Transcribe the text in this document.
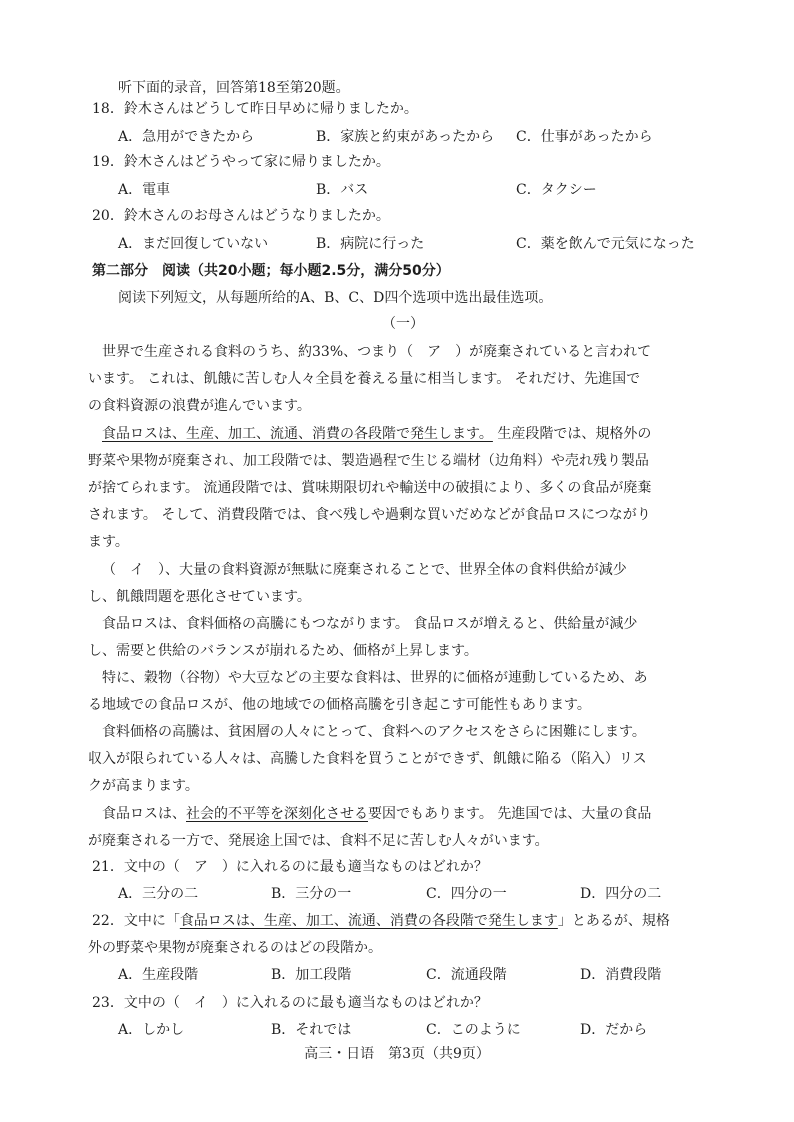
听下面的录音，回答第18至第20题。
18．鈴木さんはどうして昨日早めに帰りましたか。
A．急用ができたから	B．家族と約束があったから C．仕事があったから
19．鈴木さんはどうやって家に帰りましたか。
A．電車	B．バス	C．タクシー
20．鈴木さんのお母さんはどうなりましたか。
A．まだ回復していない	B．病院に行った	C．薬を飲んで元気になった
第二部分　阅读（共20小题；每小题2.5分，满分50分）
阅读下列短文，从每题所给的A、B、C、D四个选项中选出最佳选项。
（一）
世界で生産される食料のうち、約33%、つまり（　ア　）が廃棄されていると言われて
います。 これは、飢餓に苦しむ人々全員を養える量に相当します。 それだけ、先進国で
の食料資源の浪費が進んでいます。
食品ロスは、生産、加工、流通、消費の各段階で発生します。 生産段階では、規格外の
野菜や果物が廃棄され、加工段階では、製造過程で生じる端材（边角料）や売れ残り製品
が捨てられます。 流通段階では、賞味期限切れや輸送中の破損により、多くの食品が廃棄
されます。 そして、消費段階では、食べ残しや過剰な買いだめなどが食品ロスにつながり
ます。
（　イ　）、大量の食料資源が無駄に廃棄されることで、世界全体の食料供給が減少
し、飢餓問題を悪化させています。
食品ロスは、食料価格の高騰にもつながります。 食品ロスが増えると、供給量が減少
し、需要と供給のバランスが崩れるため、価格が上昇します。
特に、穀物（谷物）や大豆などの主要な食料は、世界的に価格が連動しているため、あ
る地域での食品ロスが、他の地域での価格高騰を引き起こす可能性もあります。
食料価格の高騰は、貧困層の人々にとって、食料へのアクセスをさらに困難にします。
収入が限られている人々は、高騰した食料を買うことができず、飢餓に陥る（陷入）リス
クが高まります。
食品ロスは、社会的不平等を深刻化させる要因でもあります。 先進国では、大量の食品
が廃棄される一方で、発展途上国では、食料不足に苦しむ人々がいます。
21．文中の（　ア　）に入れるのに最も適当なものはどれか？
A．三分の二	B．三分の一	C．四分の一	D．四分の二
22．文中に「食品ロスは、生産、加工、流通、消費の各段階で発生します」とあるが、規格
外の野菜や果物が廃棄されるのはどの段階か。
A．生産段階	B．加工段階	C．流通段階	D．消費段階
23．文中の（　イ　）に入れるのに最も適当なものはどれか？
A．しかし	B．それでは	C．このように	D．だから
高三・日语　第3页（共9页）
